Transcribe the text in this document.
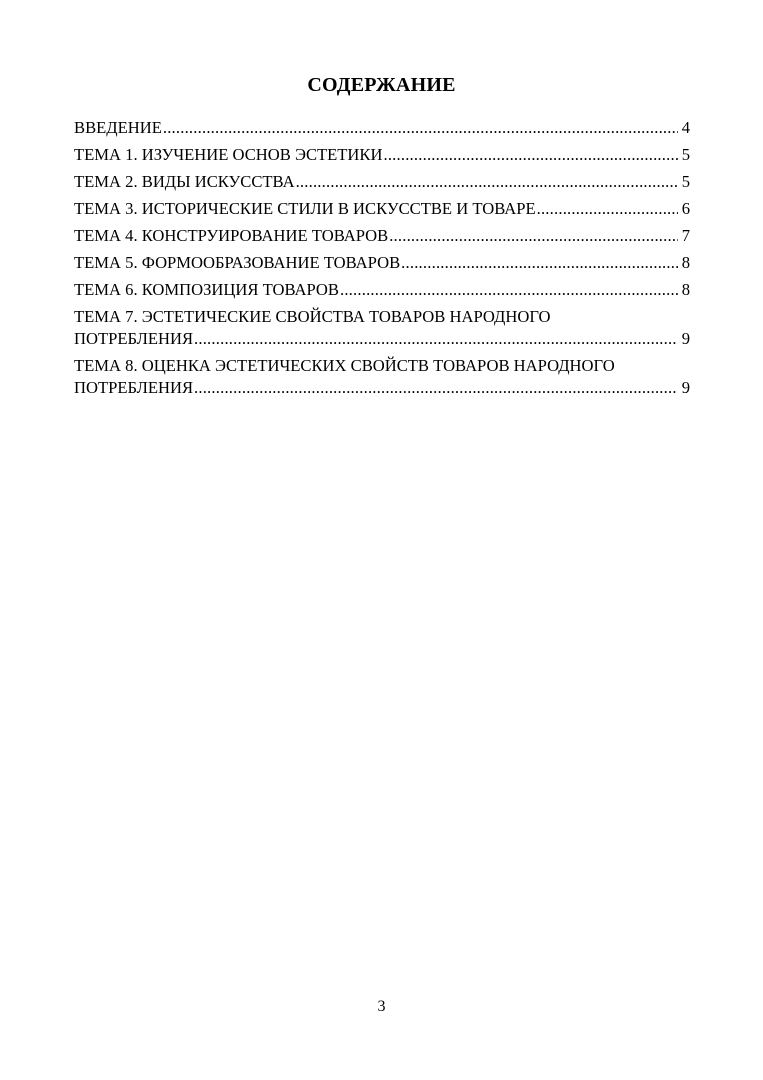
СОДЕРЖАНИЕ
ВВЕДЕНИЕ .....	4
ТЕМА 1. ИЗУЧЕНИЕ ОСНОВ ЭСТЕТИКИ .....	5
ТЕМА 2. ВИДЫ ИСКУССТВА .....	5
ТЕМА 3. ИСТОРИЧЕСКИЕ СТИЛИ В ИСКУССТВЕ И ТОВАРЕ .....	6
ТЕМА 4. КОНСТРУИРОВАНИЕ ТОВАРОВ .....	7
ТЕМА 5. ФОРМООБРАЗОВАНИЕ ТОВАРОВ .....	8
ТЕМА 6. КОМПОЗИЦИЯ ТОВАРОВ .....	8
ТЕМА 7. ЭСТЕТИЧЕСКИЕ СВОЙСТВА ТОВАРОВ НАРОДНОГО
ПОТРЕБЛЕНИЯ .....	9
ТЕМА 8. ОЦЕНКА ЭСТЕТИЧЕСКИХ СВОЙСТВ ТОВАРОВ НАРОДНОГО
ПОТРЕБЛЕНИЯ .....	9
3
